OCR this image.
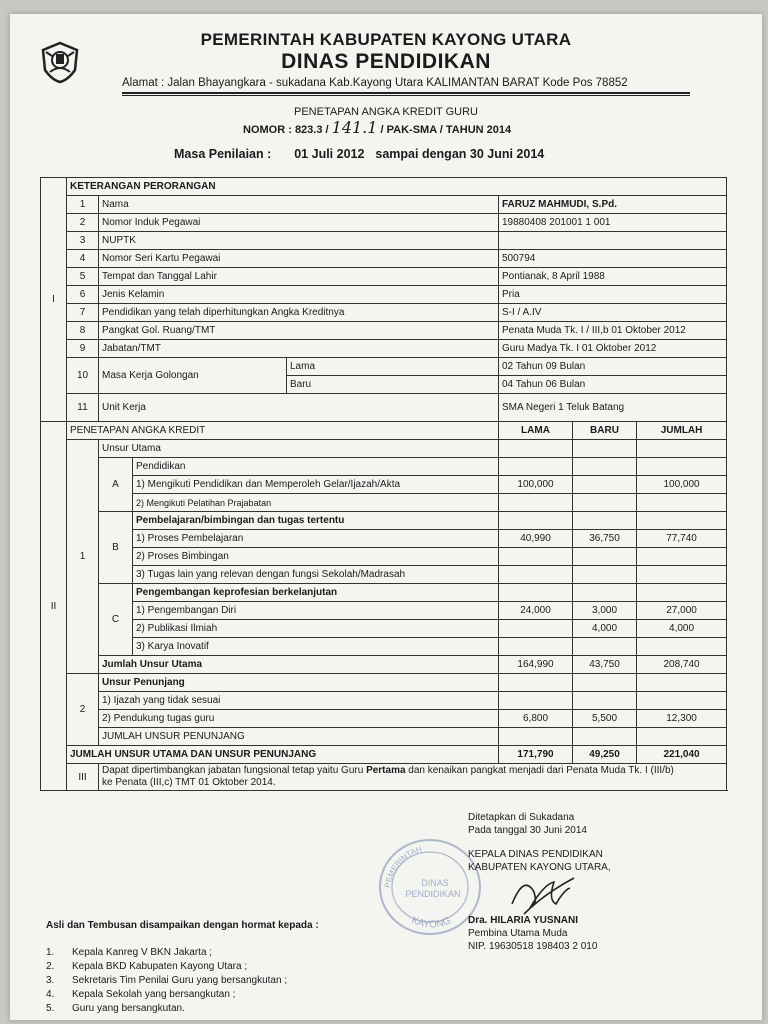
PEMERINTAH KABUPATEN KAYONG UTARA
DINAS PENDIDIKAN
Alamat : Jalan Bhayangkara - sukadana Kab.Kayong Utara KALIMANTAN BARAT Kode Pos 78852
PENETAPAN ANGKA KREDIT GURU
NOMOR : 823.3 / 141.1 / PAK-SMA / TAHUN 2014
Masa Penilaian : 01 Juli 2012 sampai dengan 30 Juni 2014
I	KETERANGAN PERORANGAN						
	1	Nama			FARUZ MAHMUDI, S.Pd.		
	2	Nomor Induk Pegawai			19880408 201001 1 001		
	3	NUPTK					
	4	Nomor Seri Kartu Pegawai			500794		
	5	Tempat dan Tanggal Lahir			Pontianak, 8 April 1988		
	6	Jenis Kelamin			Pria		
	7	Pendidikan yang telah diperhitungkan Angka Kreditnya			S-I / A.IV		
	8	Pangkat Gol. Ruang/TMT			Penata Muda Tk. I / III,b 01 Oktober 2012		
	9	Jabatan/TMT			Guru Madya Tk. I 01 Oktober 2012		
	10	Masa Kerja Golongan		Lama	02 Tahun 09 Bulan		
				Baru	04 Tahun 06 Bulan		
	11	Unit Kerja			SMA Negeri 1 Teluk Batang		
II	PENETAPAN ANGKA KREDIT				LAMA	BARU	JUMLAH
	1	Unsur Utama					
		A	Pendidikan				
			1) Mengikuti Pendidikan dan Memperoleh Gelar/Ijazah/Akta		100,000		100,000
			2) Mengikuti Pelatihan Prajabatan				
		B	Pembelajaran/bimbingan dan tugas tertentu				
			1) Proses Pembelajaran		40,990	36,750	77,740
			2) Proses Bimbingan				
			3) Tugas lain yang relevan dengan fungsi Sekolah/Madrasah				
		C	Pengembangan keprofesian berkelanjutan				
			1) Pengembangan Diri		24,000	3,000	27,000
			2) Publikasi Ilmiah			4,000	4,000
			3) Karya Inovatif				
		Jumlah Unsur Utama			164,990	43,750	208,740
	2	Unsur Penunjang					
		1) Ijazah yang tidak sesuai					
		2) Pendukung tugas guru			6,800	5,500	12,300
		JUMLAH UNSUR PENUNJANG					
	JUMLAH UNSUR UTAMA DAN UNSUR PENUNJANG				171,790	49,250	221,040
	III	Dapat dipertimbangkan jabatan fungsional tetap yaitu Guru Pertama dan kenaikan pangkat menjadi dari Penata Muda Tk. I (III/b)
ke Penata (III,c) TMT 01 Oktober 2014.					
PEMERINTAH
DINAS
PENDIDIKAN
KAYONG
Ditetapkan di Sukadana
Pada tanggal 30 Juni 2014
KEPALA DINAS PENDIDIKAN
KABUPATEN KAYONG UTARA,
Dra. HILARIA YUSNANI
Pembina Utama Muda
NIP. 19630518 198403 2 010
Asli dan Tembusan disampaikan dengan hormat kepada :
1. Kepala Kanreg V BKN Jakarta ;
2. Kepala BKD Kabupaten Kayong Utara ;
3. Sekretaris Tim Penilai Guru yang bersangkutan ;
4. Kepala Sekolah yang bersangkutan ;
5. Guru yang bersangkutan.
